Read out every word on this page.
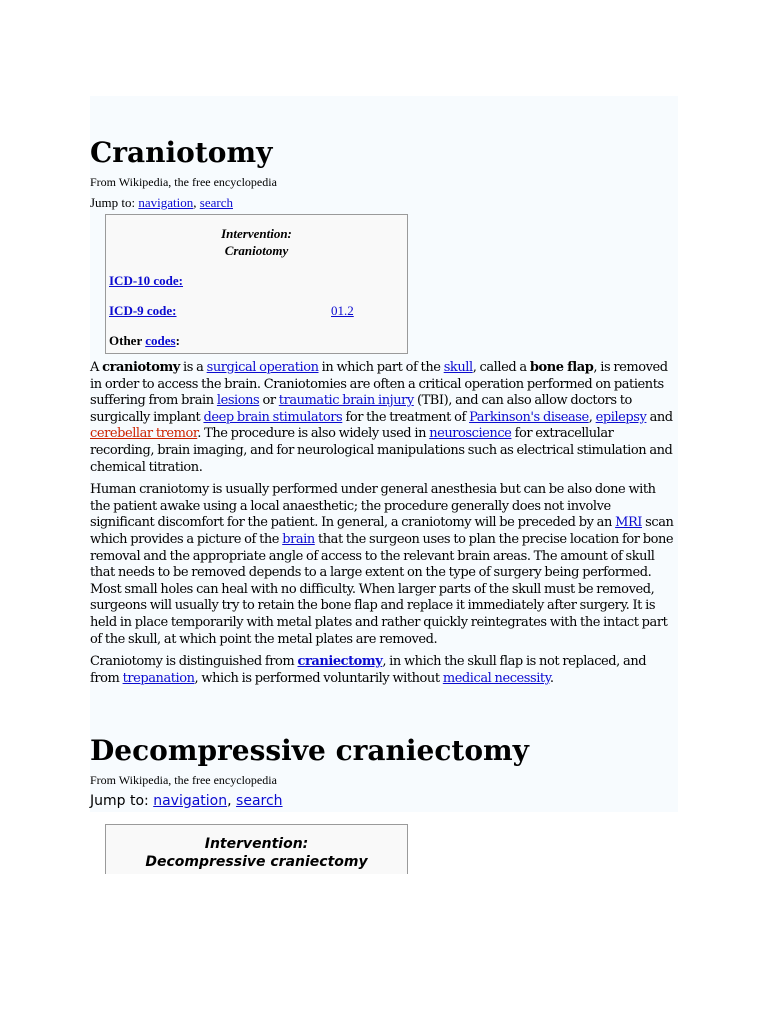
Craniotomy
From Wikipedia, the free encyclopedia
Jump to: navigation, search
Intervention:
Craniotomy
ICD-10 code:
ICD-9 code:	01.2
Other codes:

A craniotomy is a surgical operation in which part of the skull, called a bone flap, is removed in order to access the brain. Craniotomies are often a critical operation performed on patients suffering from brain lesions or traumatic brain injury (TBI), and can also allow doctors to surgically implant deep brain stimulators for the treatment of Parkinson's disease, epilepsy and cerebellar tremor. The procedure is also widely used in neuroscience for extracellular recording, brain imaging, and for neurological manipulations such as electrical stimulation and chemical titration.

Human craniotomy is usually performed under general anesthesia but can be also done with the patient awake using a local anaesthetic; the procedure generally does not involve significant discomfort for the patient. In general, a craniotomy will be preceded by an MRI scan which provides a picture of the brain that the surgeon uses to plan the precise location for bone removal and the appropriate angle of access to the relevant brain areas. The amount of skull that needs to be removed depends to a large extent on the type of surgery being performed. Most small holes can heal with no difficulty. When larger parts of the skull must be removed, surgeons will usually try to retain the bone flap and replace it immediately after surgery. It is held in place temporarily with metal plates and rather quickly reintegrates with the intact part of the skull, at which point the metal plates are removed.

Craniotomy is distinguished from craniectomy, in which the skull flap is not replaced, and from trepanation, which is performed voluntarily without medical necessity.

Decompressive craniectomy
From Wikipedia, the free encyclopedia
Jump to: navigation, search
Intervention:
Decompressive craniectomy
